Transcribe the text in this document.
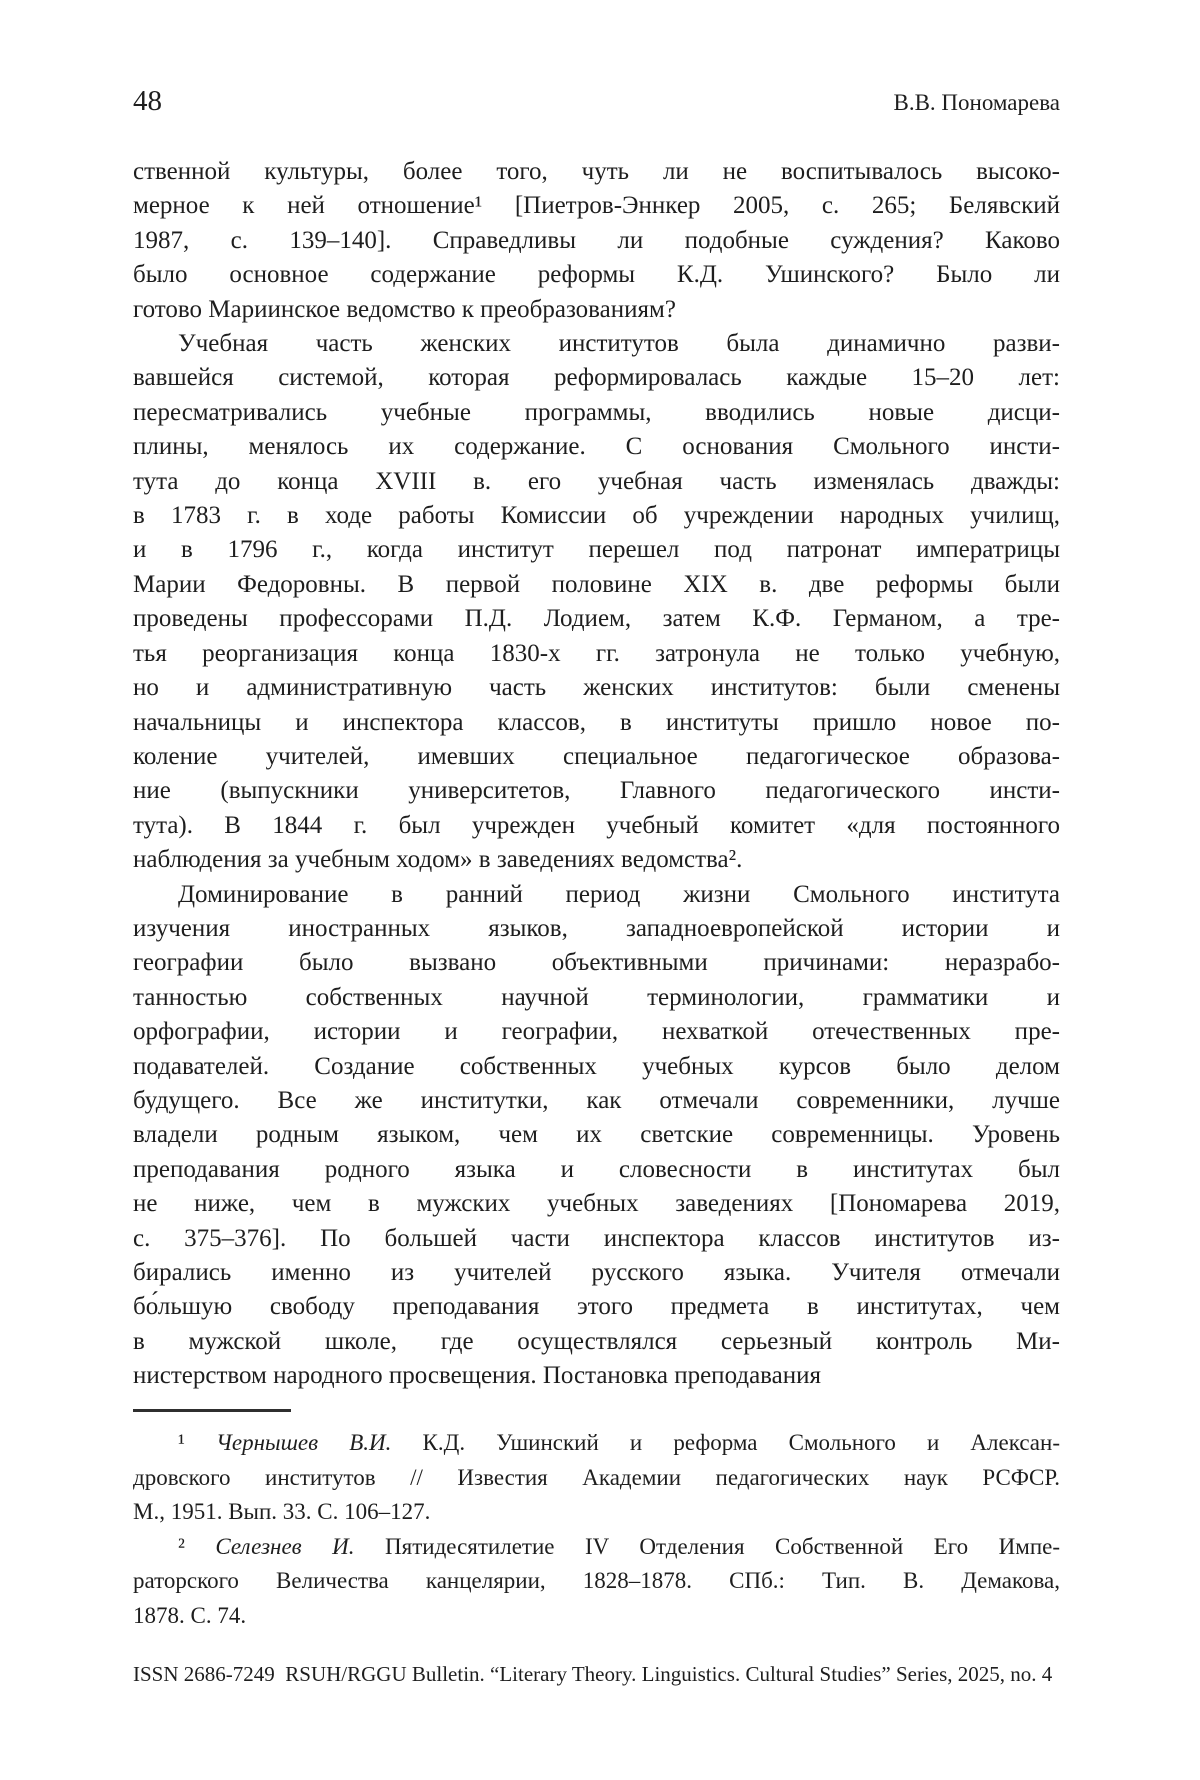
48	В.В. Пономарева
ственной культуры, более того, чуть ли не воспитывалось высоко-
мерное к ней отношение¹ [Пиетров-Эннкер 2005, с. 265; Белявский
1987, с. 139–140]. Справедливы ли подобные суждения? Каково
было основное содержание реформы К.Д. Ушинского? Было ли
готово Мариинское ведомство к преобразованиям?
Учебная часть женских институтов была динамично разви-
вавшейся системой, которая реформировалась каждые 15–20 лет:
пересматривались учебные программы, вводились новые дисци-
плины, менялось их содержание. С основания Смольного инсти-
тута до конца XVIII в. его учебная часть изменялась дважды:
в 1783 г. в ходе работы Комиссии об учреждении народных училищ,
и в 1796 г., когда институт перешел под патронат императрицы
Марии Федоровны. В первой половине XIX в. две реформы были
проведены профессорами П.Д. Лодием, затем К.Ф. Германом, а тре-
тья реорганизация конца 1830-х гг. затронула не только учебную,
но и административную часть женских институтов: были сменены
начальницы и инспектора классов, в институты пришло новое по-
коление учителей, имевших специальное педагогическое образова-
ние (выпускники университетов, Главного педагогического инсти-
тута). В 1844 г. был учрежден учебный комитет «для постоянного
наблюдения за учебным ходом» в заведениях ведомства².
Доминирование в ранний период жизни Смольного института
изучения иностранных языков, западноевропейской истории и
географии было вызвано объективными причинами: неразрабо-
танностью собственных научной терминологии, грамматики и
орфографии, истории и географии, нехваткой отечественных пре-
подавателей. Создание собственных учебных курсов было делом
будущего. Все же институтки, как отмечали современники, лучше
владели родным языком, чем их светские современницы. Уровень
преподавания родного языка и словесности в институтах был
не ниже, чем в мужских учебных заведениях [Пономарева 2019,
с. 375–376]. По большей части инспектора классов институтов из-
бирались именно из учителей русского языка. Учителя отмечали
бо́льшую свободу преподавания этого предмета в институтах, чем
в мужской школе, где осуществлялся серьезный контроль Ми-
нистерством народного просвещения. Постановка преподавания
¹ Чернышев В.И. К.Д. Ушинский и реформа Смольного и Алексан-
дровского институтов // Известия Академии педагогических наук РСФСР.
М., 1951. Вып. 33. С. 106–127.
² Селезнев И. Пятидесятилетие IV Отделения Собственной Его Импе-
раторского Величества канцелярии, 1828–1878. СПб.: Тип. В. Демакова,
1878. С. 74.
ISSN 2686-7249  RSUH/RGGU Bulletin. “Literary Theory. Linguistics. Cultural Studies” Series, 2025, no. 4
